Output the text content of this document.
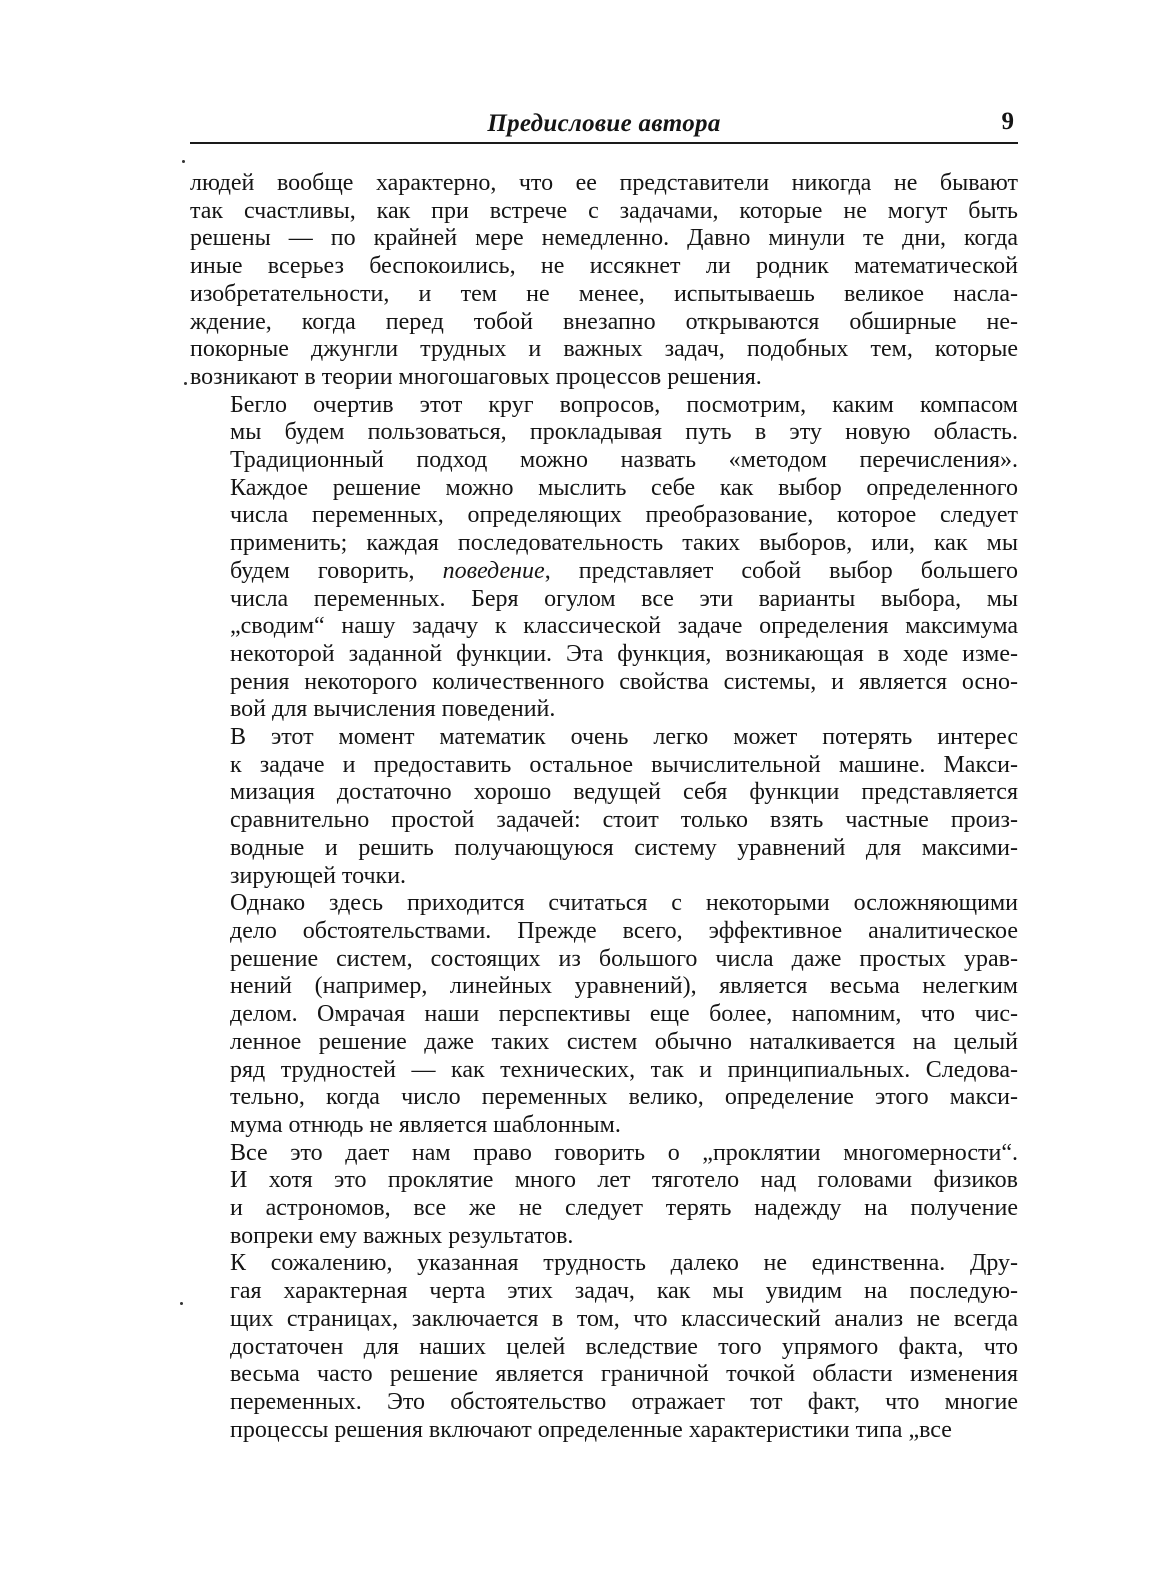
Предисловие автора	9

людей вообще характерно, что ее представители никогда не бывают
так счастливы, как при встрече с задачами, которые не могут быть
решены — по крайней мере немедленно. Давно минули те дни, когда
иные всерьез беспокоились, не иссякнет ли родник математической
изобретательности, и тем не менее, испытываешь великое насла-
ждение, когда перед тобой внезапно открываются обширные не-
покорные джунгли трудных и важных задач, подобных тем, которые
возникают в теории многошаговых процессов решения.

Бегло очертив этот круг вопросов, посмотрим, каким компасом
мы будем пользоваться, прокладывая путь в эту новую область.
Традиционный подход можно назвать «методом перечисления».
Каждое решение можно мыслить себе как выбор определенного
числа переменных, определяющих преобразование, которое следует
применить; каждая последовательность таких выборов, или, как мы
будем говорить, поведение, представляет собой выбор большего
числа переменных. Беря огулом все эти варианты выбора, мы
„сводим“ нашу задачу к классической задаче определения максимума
некоторой заданной функции. Эта функция, возникающая в ходе изме-
рения некоторого количественного свойства системы, и является осно-
вой для вычисления поведений.

В этот момент математик очень легко может потерять интерес
к задаче и предоставить остальное вычислительной машине. Макси-
мизация достаточно хорошо ведущей себя функции представляется
сравнительно простой задачей: стоит только взять частные произ-
водные и решить получающуюся систему уравнений для максими-
зирующей точки.

Однако здесь приходится считаться с некоторыми осложняющими
дело обстоятельствами. Прежде всего, эффективное аналитическое
решение систем, состоящих из большого числа даже простых урав-
нений (например, линейных уравнений), является весьма нелегким
делом. Омрачая наши перспективы еще более, напомним, что чис-
ленное решение даже таких систем обычно наталкивается на целый
ряд трудностей — как технических, так и принципиальных. Следова-
тельно, когда число переменных велико, определение этого макси-
мума отнюдь не является шаблонным.

Все это дает нам право говорить о „проклятии многомерности“.
И хотя это проклятие много лет тяготело над головами физиков
и астрономов, все же не следует терять надежду на получение
вопреки ему важных результатов.

К сожалению, указанная трудность далеко не единственна. Дру-
гая характерная черта этих задач, как мы увидим на последую-
щих страницах, заключается в том, что классический анализ не всегда
достаточен для наших целей вследствие того упрямого факта, что
весьма часто решение является граничной точкой области изменения
переменных. Это обстоятельство отражает тот факт, что многие
процессы решения включают определенные характеристики типа „все
